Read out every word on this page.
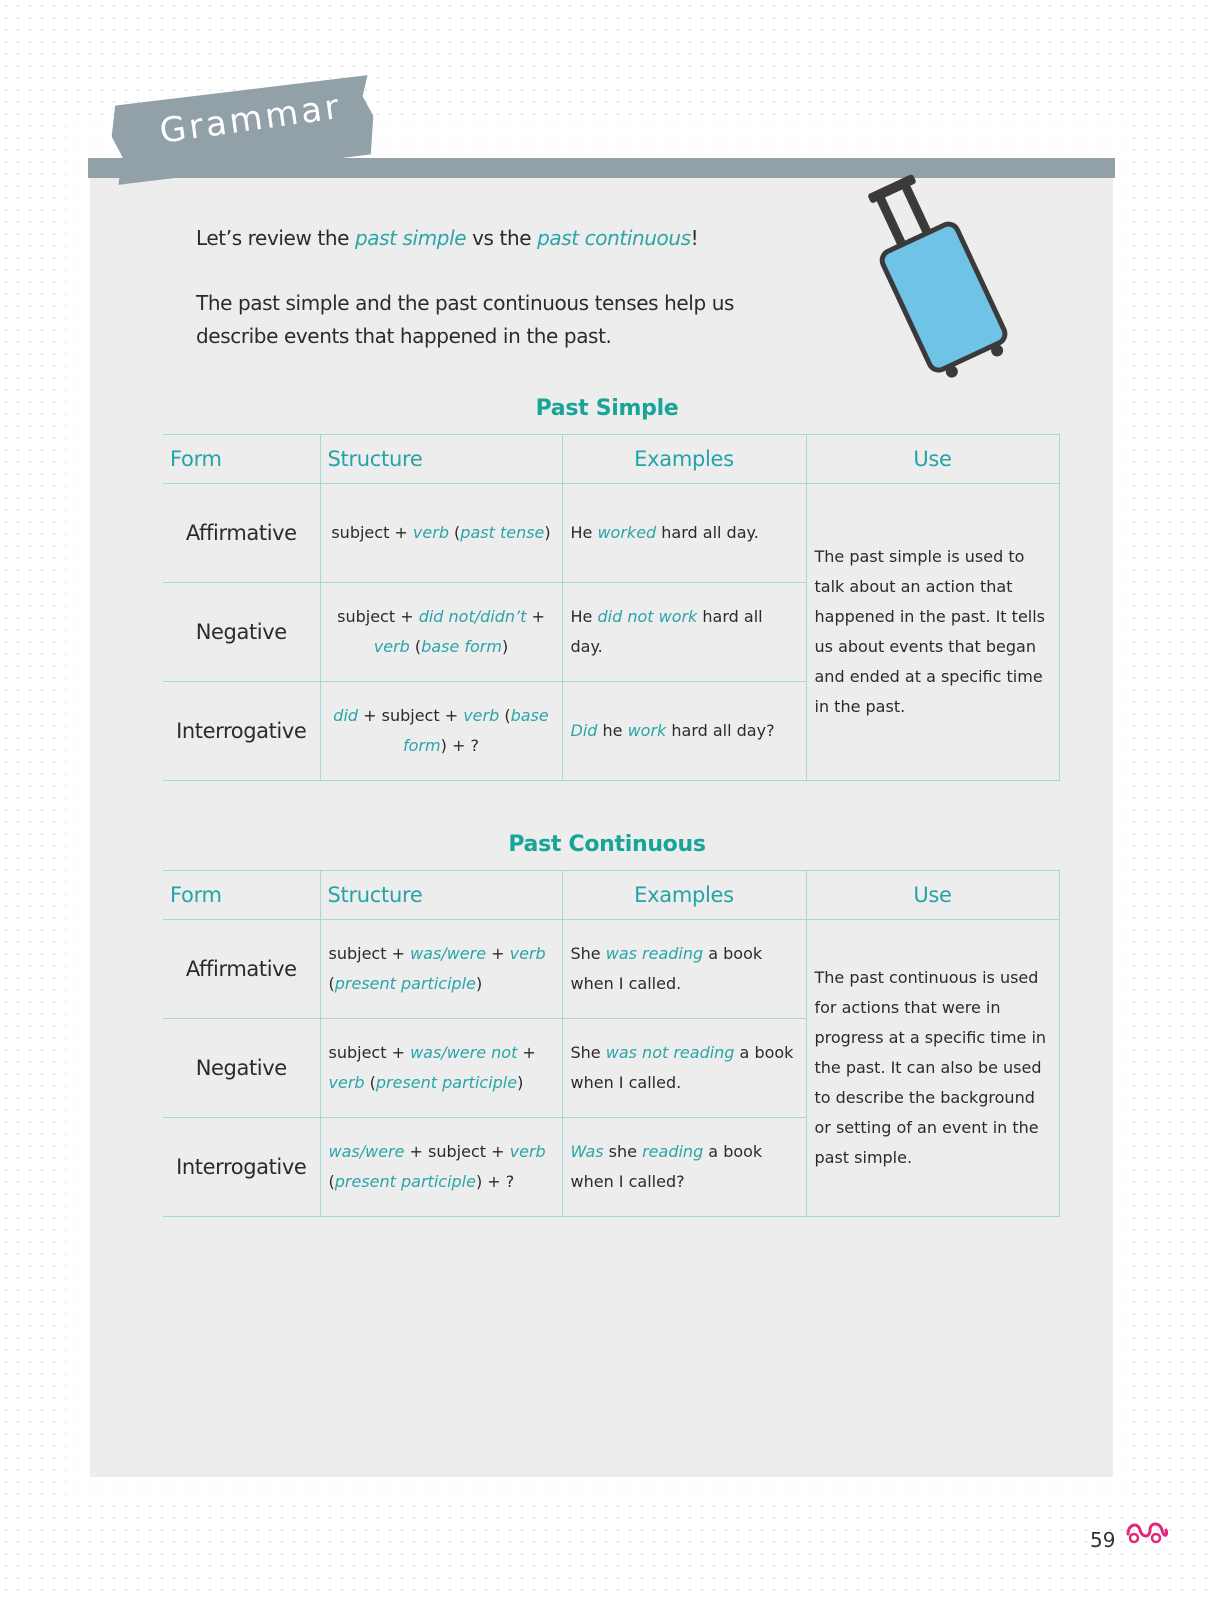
Grammar

Let’s review the past simple vs the past continuous!

The past simple and the past continuous tenses help us describe events that happened in the past.

Past Simple
Form	Structure	Examples	Use
Affirmative	subject + verb (past tense)	He worked hard all day.	The past simple is used to talk about an action that happened in the past. It tells us about events that began and ended at a specific time in the past.
Negative	subject + did not/didn’t + verb (base form)	He did not work hard all day.	
Interrogative	did + subject + verb (base form) + ?	Did he work hard all day?	
Past Continuous
Form	Structure	Examples	Use
Affirmative	subject + was/were + verb (present participle)	She was reading a book when I called.	The past continuous is used for actions that were in progress at a specific time in the past. It can also be used to describe the background or setting of an event in the past simple.
Negative	subject + was/were not + verb (present participle)	She was not reading a book when I called.	
Interrogative	was/were + subject + verb (present participle) + ?	Was she reading a book when I called?	
59
